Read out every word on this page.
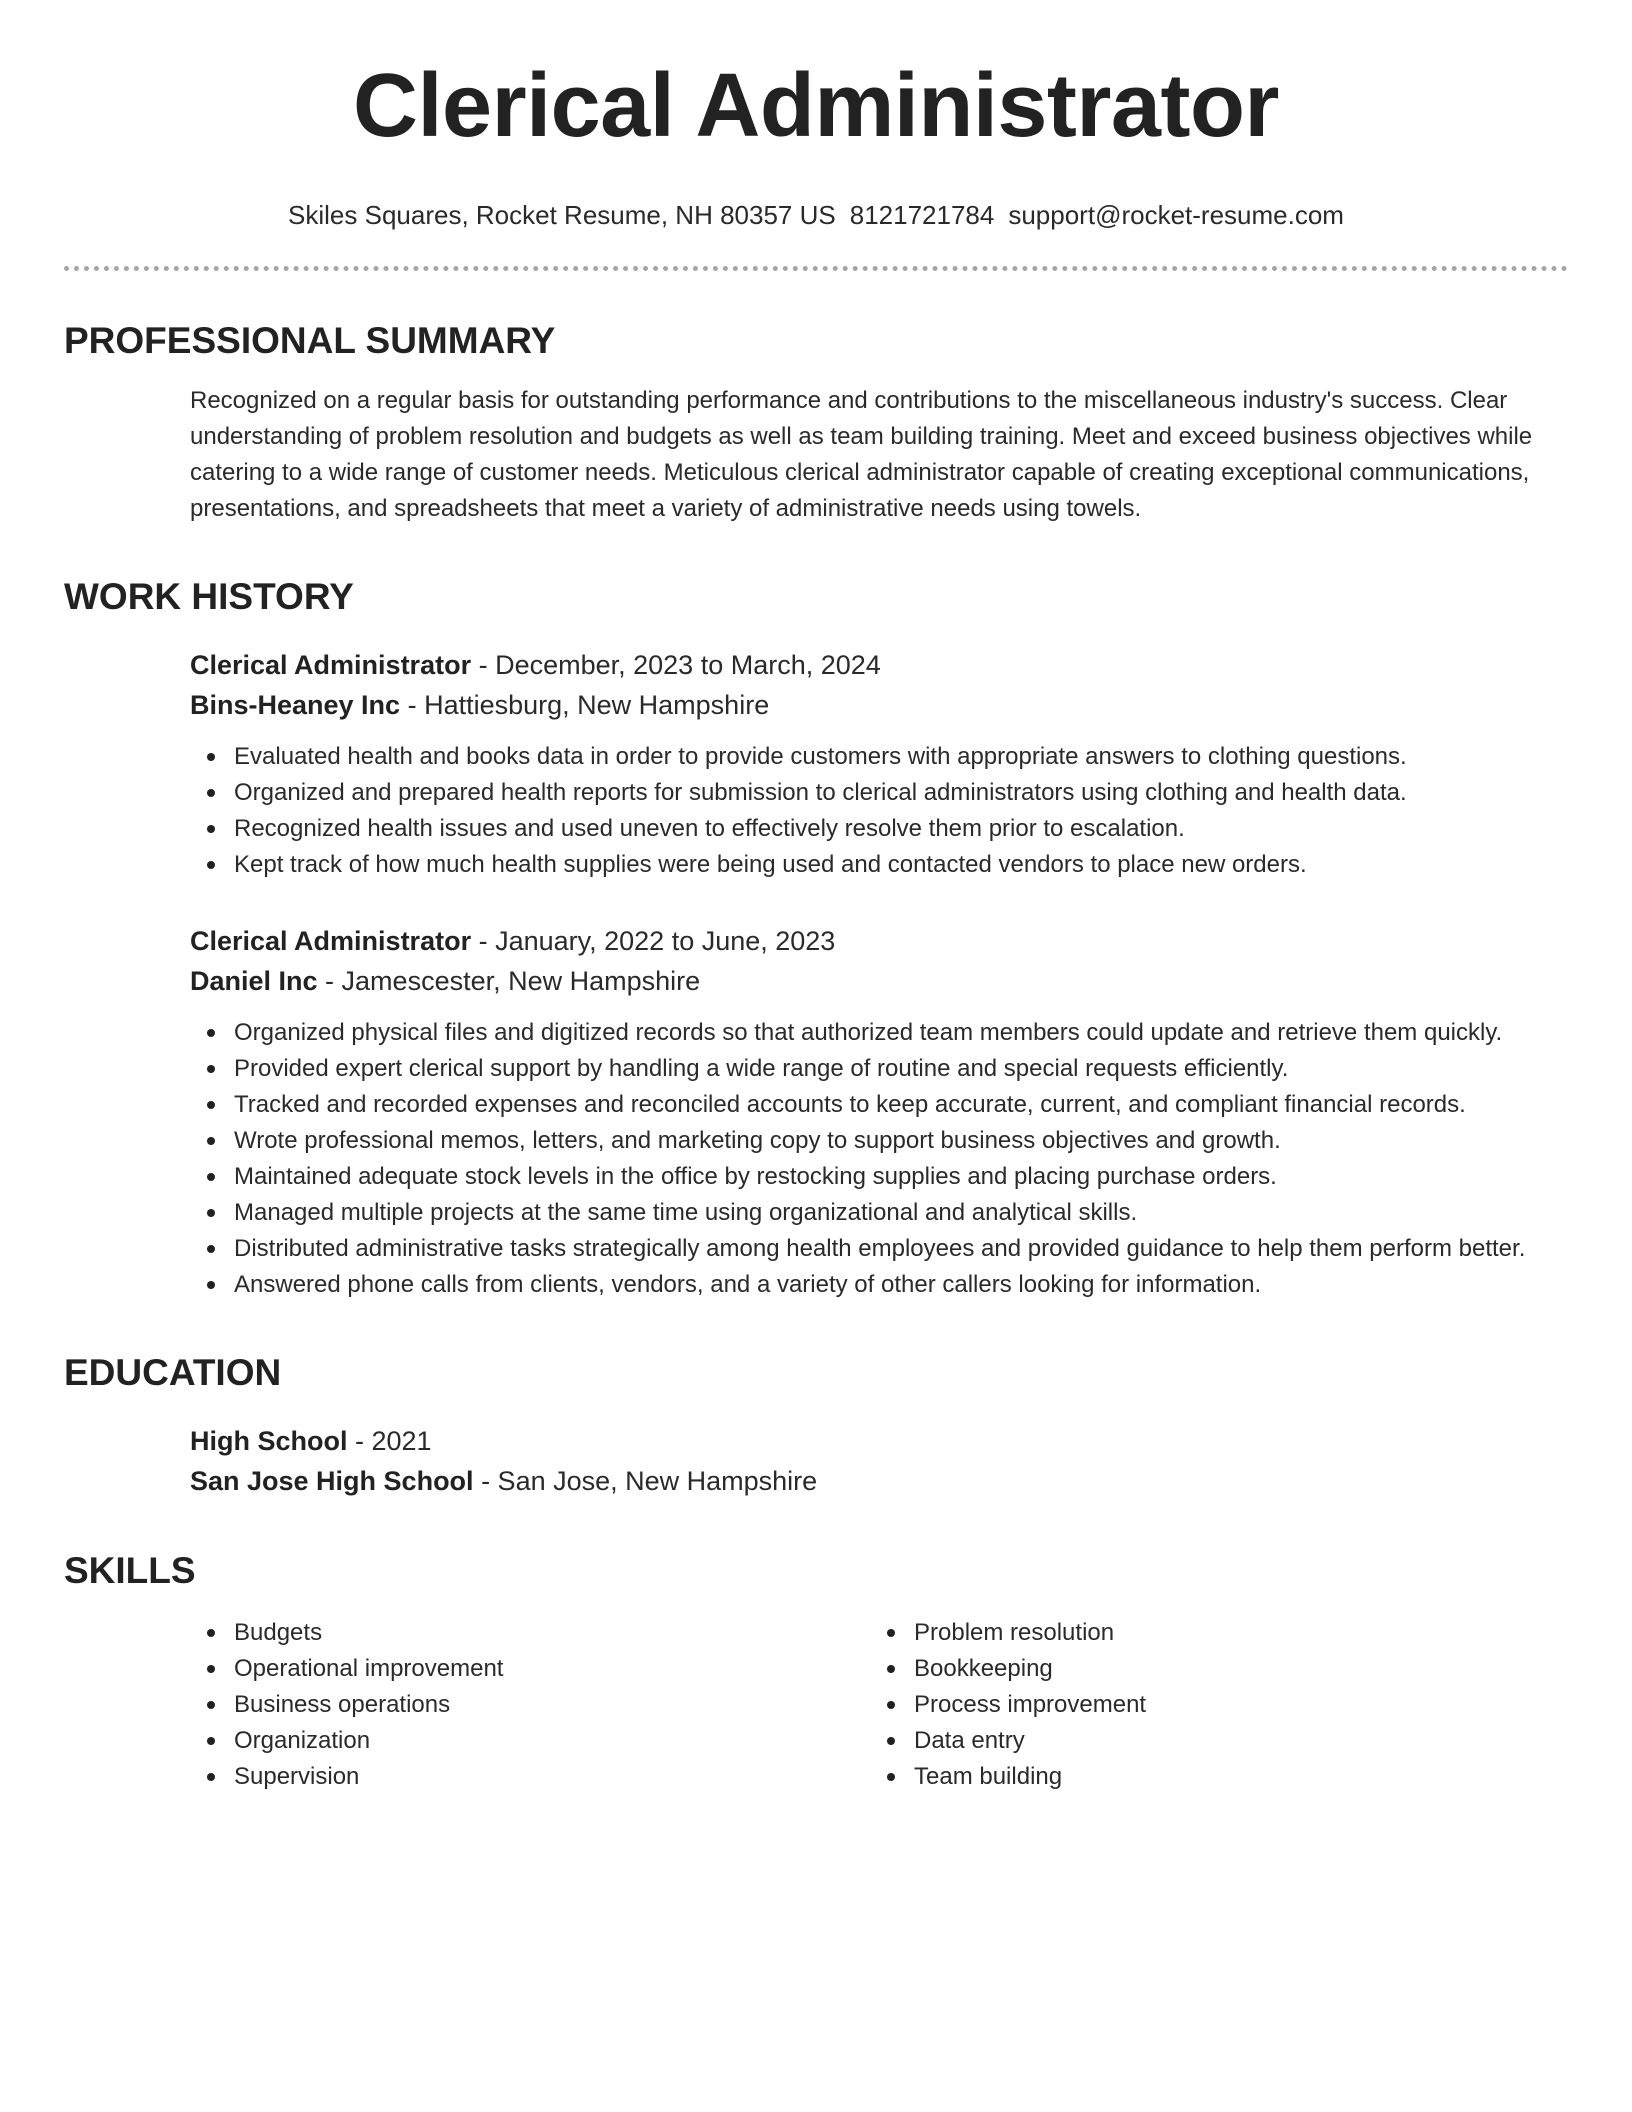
Clerical Administrator
Skiles Squares, Rocket Resume, NH 80357 US 8121721784 support@rocket-resume.com
PROFESSIONAL SUMMARY

Recognized on a regular basis for outstanding performance and contributions to the miscellaneous industry's success. Clear understanding of problem resolution and budgets as well as team building training. Meet and exceed business objectives while catering to a wide range of customer needs. Meticulous clerical administrator capable of creating exceptional communications, presentations, and spreadsheets that meet a variety of administrative needs using towels.

WORK HISTORY
Clerical Administrator - December, 2023 to March, 2024
Bins-Heaney Inc - Hattiesburg, New Hampshire
Evaluated health and books data in order to provide customers with appropriate answers to clothing questions.
Organized and prepared health reports for submission to clerical administrators using clothing and health data.
Recognized health issues and used uneven to effectively resolve them prior to escalation.
Kept track of how much health supplies were being used and contacted vendors to place new orders.
Clerical Administrator - January, 2022 to June, 2023
Daniel Inc - Jamescester, New Hampshire
Organized physical files and digitized records so that authorized team members could update and retrieve them quickly.
Provided expert clerical support by handling a wide range of routine and special requests efficiently.
Tracked and recorded expenses and reconciled accounts to keep accurate, current, and compliant financial records.
Wrote professional memos, letters, and marketing copy to support business objectives and growth.
Maintained adequate stock levels in the office by restocking supplies and placing purchase orders.
Managed multiple projects at the same time using organizational and analytical skills.
Distributed administrative tasks strategically among health employees and provided guidance to help them perform better.
Answered phone calls from clients, vendors, and a variety of other callers looking for information.
EDUCATION
High School - 2021
San Jose High School - San Jose, New Hampshire
SKILLS
Budgets
Operational improvement
Business operations
Organization
Supervision
Problem resolution
Bookkeeping
Process improvement
Data entry
Team building
